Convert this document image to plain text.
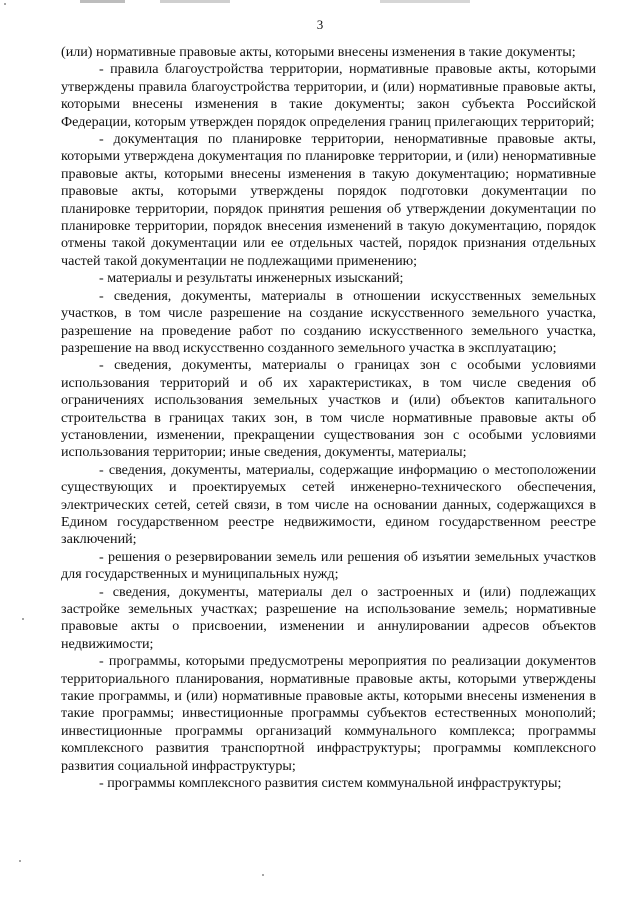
3

(или) нормативные правовые акты, которыми внесены изменения в такие документы;

- правила благоустройства территории, нормативные правовые акты, которыми утверждены правила благоустройства территории, и (или) нормативные правовые акты, которыми внесены изменения в такие документы; закон субъекта Российской Федерации, которым утвержден порядок определения границ прилегающих территорий;

- документация по планировке территории, ненормативные правовые акты, которыми утверждена документация по планировке территории, и (или) ненормативные правовые акты, которыми внесены изменения в такую документацию; нормативные правовые акты, которыми утверждены порядок подготовки документации по планировке территории, порядок принятия решения об утверждении документации по планировке территории, порядок внесения изменений в такую документацию, порядок отмены такой документации или ее отдельных частей, порядок признания отдельных частей такой документации не подлежащими применению;

- материалы и результаты инженерных изысканий;

- сведения, документы, материалы в отношении искусственных земельных участков, в том числе разрешение на создание искусственного земельного участка, разрешение на проведение работ по созданию искусственного земельного участка, разрешение на ввод искусственно созданного земельного участка в эксплуатацию;

- сведения, документы, материалы о границах зон с особыми условиями использования территорий и об их характеристиках, в том числе сведения об ограничениях использования земельных участков и (или) объектов капитального строительства в границах таких зон, в том числе нормативные правовые акты об установлении, изменении, прекращении существования зон с особыми условиями использования территории; иные сведения, документы, материалы;

- сведения, документы, материалы, содержащие информацию о местоположении существующих и проектируемых сетей инженерно-технического обеспечения, электрических сетей, сетей связи, в том числе на основании данных, содержащихся в Едином государственном реестре недвижимости, едином государственном реестре заключений;

- решения о резервировании земель или решения об изъятии земельных участков для государственных и муниципальных нужд;

- сведения, документы, материалы дел о застроенных и (или) подлежащих застройке земельных участках; разрешение на использование земель; нормативные правовые акты о присвоении, изменении и аннулировании адресов объектов недвижимости;

- программы, которыми предусмотрены мероприятия по реализации документов территориального планирования, нормативные правовые акты, которыми утверждены такие программы, и (или) нормативные правовые акты, которыми внесены изменения в такие программы; инвестиционные программы субъектов естественных монополий; инвестиционные программы организаций коммунального комплекса; программы комплексного развития транспортной инфраструктуры; программы комплексного развития социальной инфраструктуры;

- программы комплексного развития систем коммунальной инфраструктуры;
